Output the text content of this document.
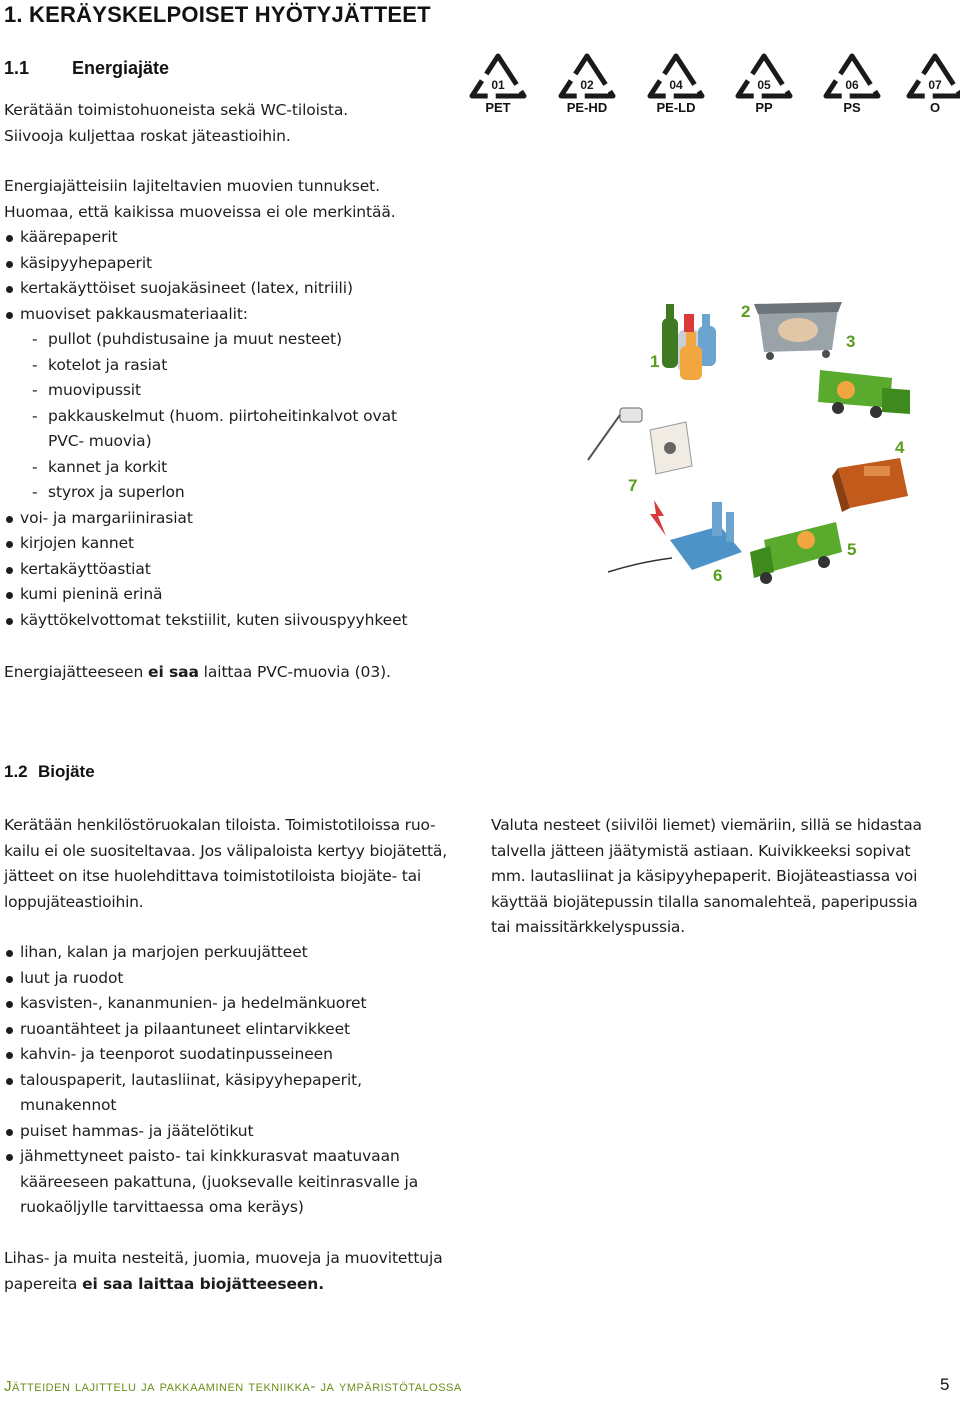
1. KERÄYSKELPOISET HYÖTYJÄTTEET
1.1 Energiajäte
Kerätään toimistohuoneista sekä WC-tiloista.
Siivooja kuljettaa roskat jäteastioihin.
Energiajätteisiin lajiteltavien muovien tunnukset.
Huomaa, että kaikissa muoveissa ei ole merkintää.
käärepaperit
käsipyyhepaperit
kertakäyttöiset suojakäsineet (latex, nitriili)
muoviset pakkausmateriaalit:
- pullot (puhdistusaine ja muut nesteet)
- kotelot ja rasiat
- muovipussit
- pakkauskelmut (huom. piirtoheitinkalvot ovat
PVC- muovia)
- kannet ja korkit
- styrox ja superlon
voi- ja margariinirasiat
kirjojen kannet
kertakäyttöastiat
kumi pieninä erinä
käyttökelvottomat tekstiilit, kuten siivouspyyhkeet
Energiajätteeseen ei saa laittaa PVC-muovia (03).
01
PET
02
PE-HD
04
PE-LD
05
PP
06
PS
07
O
1
2
3
4
5
6
7
1.2 Biojäte
Kerätään henkilöstöruokalan tiloista. Toimistotiloissa ruo-
kailu ei ole suositeltavaa. Jos välipaloista kertyy biojätettä,
jätteet on itse huolehdittava toimistotiloista biojäte- tai
loppujäteastioihin.
Valuta nesteet (siivilöi liemet) viemäriin, sillä se hidastaa
talvella jätteen jäätymistä astiaan. Kuivikkeeksi sopivat
mm. lautasliinat ja käsipyyhepaperit. Biojäteastiassa voi
käyttää biojätepussin tilalla sanomalehteä, paperipussia
tai maissitärkkelyspussia.
lihan, kalan ja marjojen perkuujätteet
luut ja ruodot
kasvisten-, kananmunien- ja hedelmänkuoret
ruoantähteet ja pilaantuneet elintarvikkeet
kahvin- ja teenporot suodatinpusseineen
talouspaperit, lautasliinat, käsipyyhepaperit,
munakennot
puiset hammas- ja jäätelötikut
jähmettyneet paisto- tai kinkkurasvat maatuvaan
kääreeseen pakattuna, (juoksevalle keitinrasvalle ja
ruokaöljylle tarvittaessa oma keräys)
Lihas- ja muita nesteitä, juomia, muoveja ja muovitettuja
papereita ei saa laittaa biojätteeseen.
Jätteiden lajittelu ja pakkaaminen tekniikka- ja ympäristötalossa	5
